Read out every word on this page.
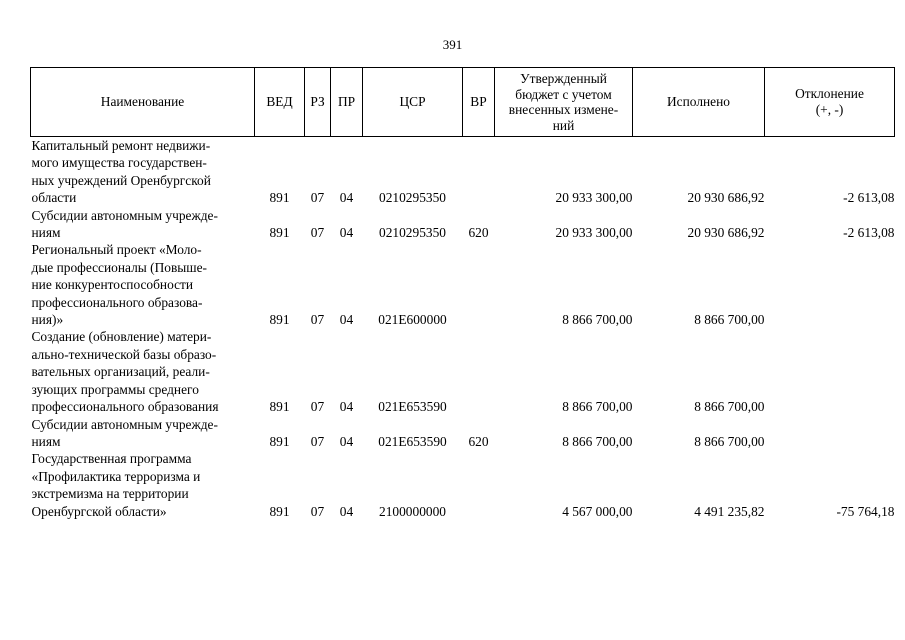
391
Наименование	ВЕД	РЗ	ПР	ЦСР	ВР	Утвержденный
бюджет с учетом
внесенных измене-
ний	Исполнено	Отклонение
(+, -)

Капитальный ремонт недвижи-
мого имущества государствен-
ных учреждений Оренбургской
области	891	07	04	0210295350		20 933 300,00	20 930 686,92	-2 613,08

Субсидии автономным учрежде-
ниям	891	07	04	0210295350	620	20 933 300,00	20 930 686,92	-2 613,08

Региональный проект «Моло-
дые профессионалы (Повыше-
ние конкурентоспособности
профессионального образова-
ния)»	891	07	04	021E600000		8 866 700,00	8 866 700,00	

Создание (обновление) матери-
ально-технической базы образо-
вательных организаций, реали-
зующих программы среднего
профессионального образования	891	07	04	021E653590		8 866 700,00	8 866 700,00	

Субсидии автономным учрежде-
ниям	891	07	04	021E653590	620	8 866 700,00	8 866 700,00	

Государственная программа
«Профилактика терроризма и
экстремизма на территории
Оренбургской области»	891	07	04	2100000000		4 567 000,00	4 491 235,82	-75 764,18
